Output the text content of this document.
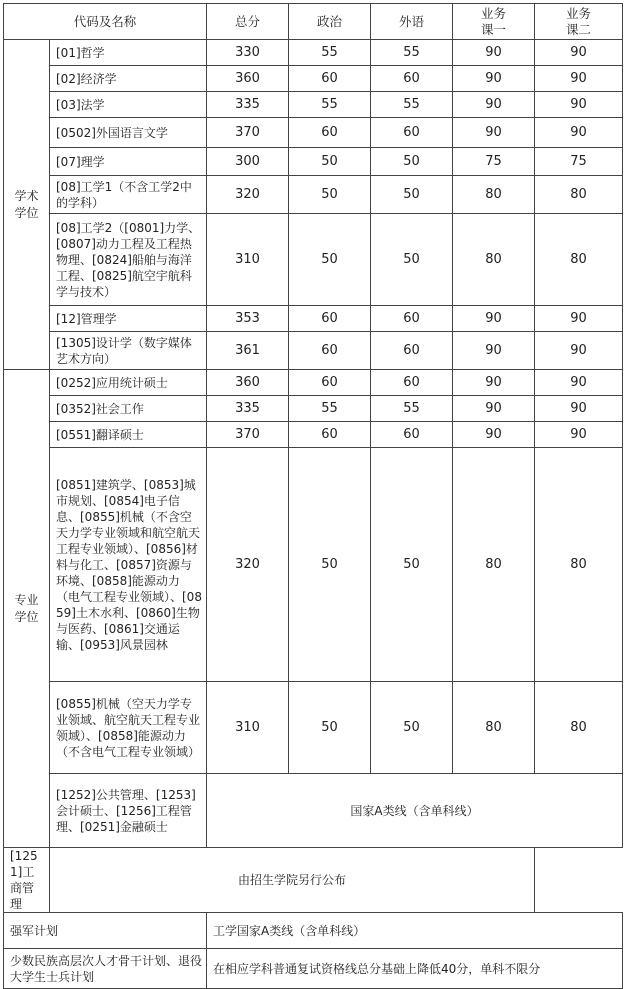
代码及名称		总分	政治	外语	业务课一	业务课二
学术学位	[01]哲学	330	55	55	90	90
	[02]经济学	360	60	60	90	90
	[03]法学	335	55	55	90	90
	[0502]外国语言文学	370	60	60	90	90
	[07]理学	300	50	50	75	75
	[08]工学1（不含工学2中的学科）	320	50	50	80	80
	[08]工学2（[0801]力学、[0807]动力工程及工程热物理、[0824]船舶与海洋工程、[0825]航空宇航科学与技术）	310	50	50	80	80
	[12]管理学	353	60	60	90	90
	[1305]设计学（数字媒体艺术方向）	361	60	60	90	90
专业学位	[0252]应用统计硕士	360	60	60	90	90
	[0352]社会工作	335	55	55	90	90
	[0551]翻译硕士	370	60	60	90	90
	[0851]建筑学、[0853]城市规划、[0854]电子信息、[0855]机械（不含空天力学专业领域和航空航天工程专业领域）、[0856]材料与化工、[0857]资源与环境、[0858]能源动力（电气工程专业领域）、[0859]土木水利、[0860]生物与医药、[0861]交通运输、[0953]风景园林	320	50	50	80	80
	[0855]机械（空天力学专业领域、航空航天工程专业领域）、[0858]能源动力（不含电气工程专业领域）	310	50	50	80	80
	[1252]公共管理、[1253]会计硕士、[1256]工程管理、[0251]金融硕士	国家A类线（含单科线）				
[1251]工商管理	由招生学院另行公布					
强军计划		工学国家A类线（含单科线）				
少数民族高层次人才骨干计划、退役大学生士兵计划		在相应学科普通复试资格线总分基础上降低40分，单科不限分				
